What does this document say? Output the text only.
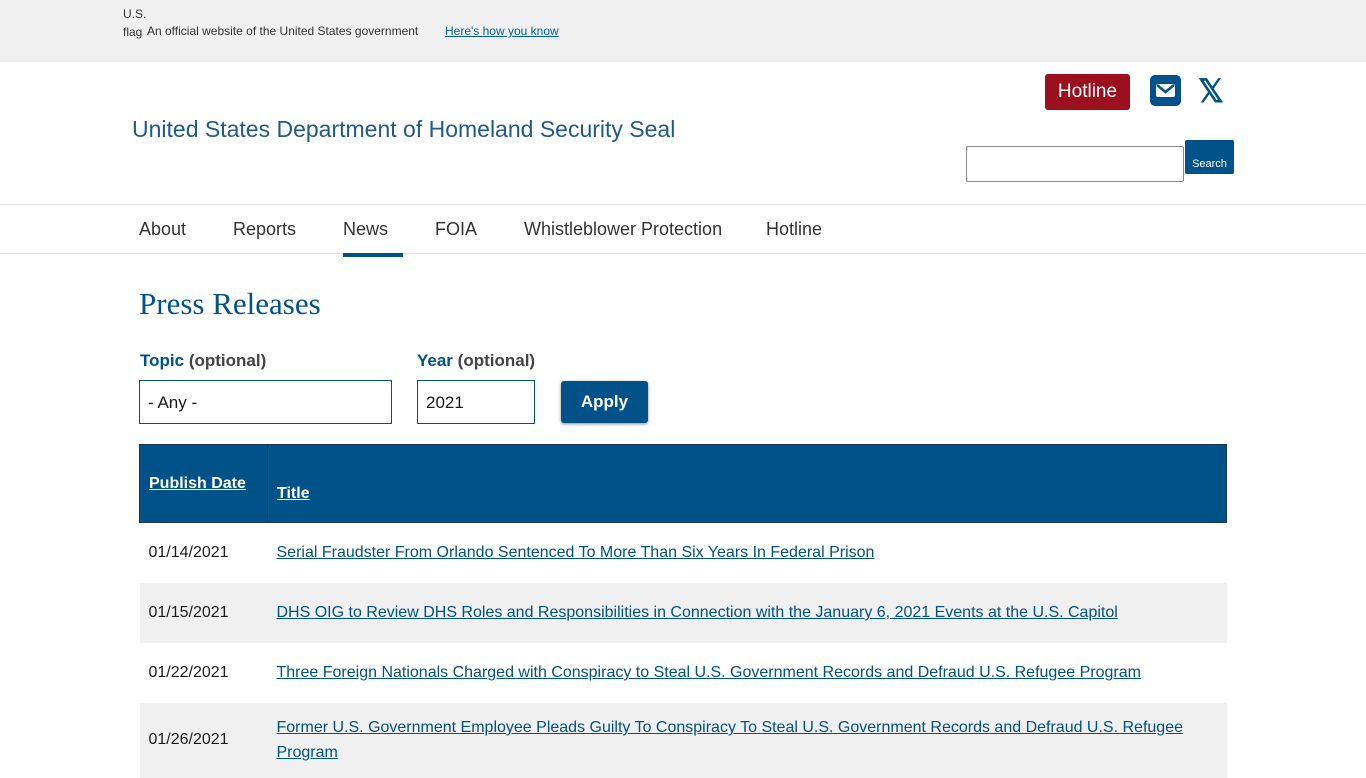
U.S. flag An official website of the United States government Here's how you know
United States Department of Homeland Security Seal
Hotline	𝕏
Search
About	Reports	News	FOIA	Whistleblower Protection Hotline
Press Releases
Topic (optional)	Year (optional)
- Any -	2021	Apply
Publish Date	Title
01/14/2021	Serial Fraudster From Orlando Sentenced To More Than Six Years In Federal Prison
01/15/2021	DHS OIG to Review DHS Roles and Responsibilities in Connection with the January 6, 2021 Events at the U.S. Capitol
01/22/2021	Three Foreign Nationals Charged with Conspiracy to Steal U.S. Government Records and Defraud U.S. Refugee Program
01/26/2021	Former U.S. Government Employee Pleads Guilty To Conspiracy To Steal U.S. Government Records and Defraud U.S. Refugee Program
